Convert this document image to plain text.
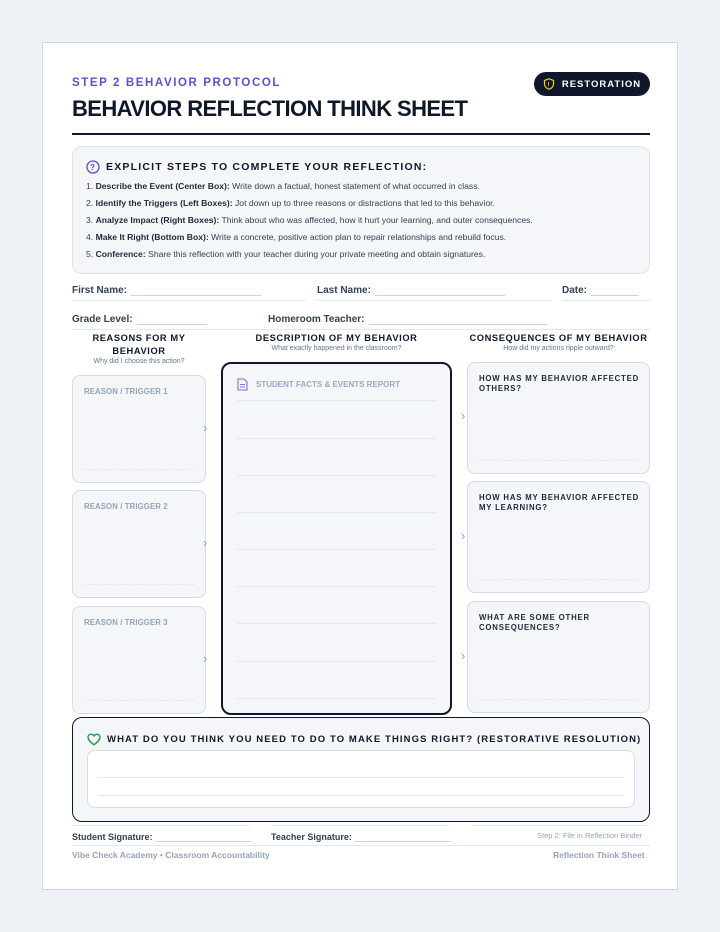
STEP 2 BEHAVIOR PROTOCOL	! RESTORATION
BEHAVIOR REFLECTION THINK SHEET
? EXPLICIT STEPS TO COMPLETE YOUR REFLECTION:
1. Describe the Event (Center Box): Write down a factual, honest statement of what occurred in class.
2. Identify the Triggers (Left Boxes): Jot down up to three reasons or distractions that led to this behavior.
3. Analyze Impact (Right Boxes): Think about who was affected, how it hurt your learning, and outer consequences.
4. Make It Right (Bottom Box): Write a concrete, positive action plan to repair relationships and rebuild focus.
5. Conference: Share this reflection with your teacher during your private meeting and obtain signatures.
First Name:	Last Name:	Date:
Grade Level:	Homeroom Teacher:
REASONS FOR MY BEHAVIOR
Why did I choose this action?
DESCRIPTION OF MY BEHAVIOR
What exactly happened in the classroom?
CONSEQUENCES OF MY BEHAVIOR
How did my actions ripple outward?
REASON / TRIGGER 1
REASON / TRIGGER 2
REASON / TRIGGER 3
›
›
›
STUDENT FACTS & EVENTS REPORT
›
›
›
HOW HAS MY BEHAVIOR AFFECTED OTHERS?
HOW HAS MY BEHAVIOR AFFECTED MY LEARNING?
WHAT ARE SOME OTHER CONSEQUENCES?
WHAT DO YOU THINK YOU NEED TO DO TO MAKE THINGS RIGHT? (RESTORATIVE RESOLUTION)
Student Signature:	Teacher Signature:	Step 2: File in Reflection Binder
Vibe Check Academy • Classroom Accountability	Reflection Think Sheet
